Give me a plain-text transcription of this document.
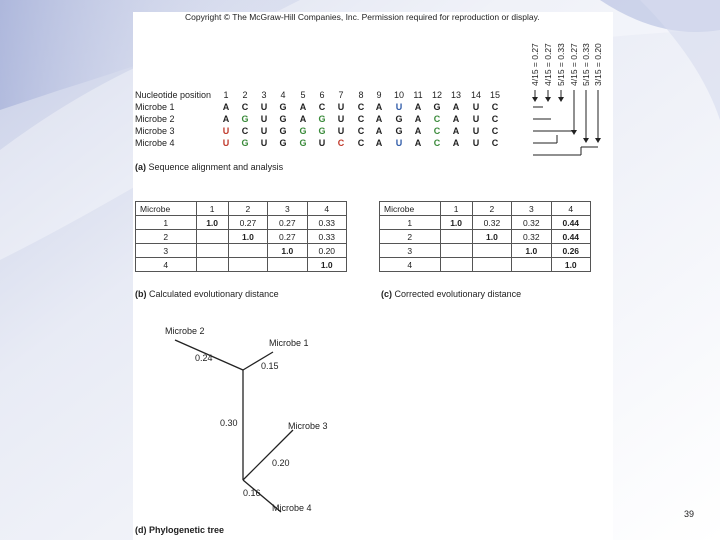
Copyright © The McGraw-Hill Companies, Inc. Permission required for reproduction or display.
(a) Sequence alignment and analysis
Microbe	1	2	3	4
1	1.0	0.27	0.27	0.33
2		1.0	0.27	0.33
3			1.0	0.20
4				1.0
(b) Calculated evolutionary distance
Microbe	1	2	3	4
1	1.0	0.32	0.32	0.44
2		1.0	0.32	0.44
3			1.0	0.26
4				1.0
(c) Corrected evolutionary distance
Microbe 2
Microbe 1
Microbe 3
Microbe 4
0.24
0.15
0.30
0.20
0.16
(d) Phylogenetic tree
Nucleotide position	1	2	3	4	5	6	7	8	9	10 11 12 13 14 15
Microbe 1	A	C	U	G	A	C	U	C	A	U	A	G	A	U	C
Microbe 2	A	G	U	G	A	G	U	C	A	G	A	C	A	U	C
Microbe 3	U	C	U	G	G	G	U	C	A	G	A	C	A	U	C
Microbe 4	U	G	U	G	G	U	C	C	A	U	A	C	A	U	C
4/15 = 0.27 4/15 = 0.27 5/15 = 0.33 4/15 = 0.27 5/15 = 0.33 3/15 = 0.20
39
